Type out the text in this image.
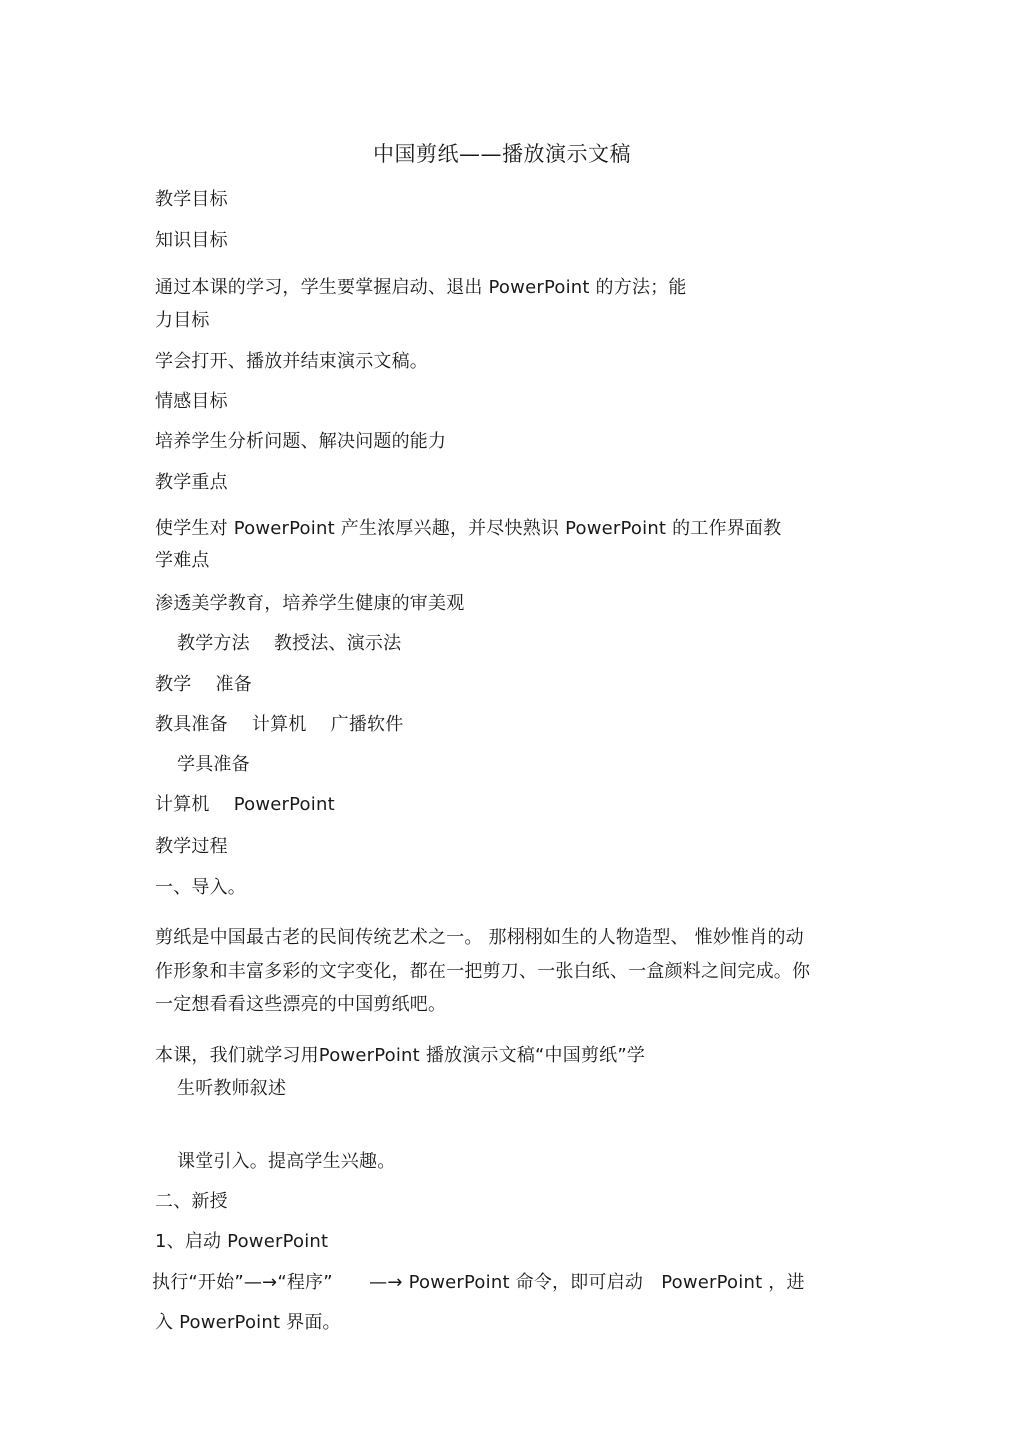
中国剪纸——播放演示文稿
教学目标
知识目标
通过本课的学习，学生要掌握启动、退出 PowerPoint 的方法；能
力目标
学会打开、播放并结束演示文稿。
情感目标
培养学生分析问题、解决问题的能力
教学重点
使学生对 PowerPoint 产生浓厚兴趣，并尽快熟识 PowerPoint 的工作界面教
学难点
渗透美学教育，培养学生健康的审美观
教学方法　 教授法、演示法
教学　 准备
教具准备　 计算机　 广播软件
学具准备
计算机　 PowerPoint
教学过程
一、导入。
剪纸是中国最古老的民间传统艺术之一。 那栩栩如生的人物造型、 惟妙惟肖的动
作形象和丰富多彩的文字变化，都在一把剪刀、一张白纸、一盒颜料之间完成。你
一定想看看这些漂亮的中国剪纸吧。
本课，我们就学习用PowerPoint 播放演示文稿“中国剪纸”学
生听教师叙述
课堂引入。提高学生兴趣。
二、新授
1、启动 PowerPoint
执行“开始”—→“程序”　　—→ PowerPoint 命令，即可启动　PowerPoint ，进
入 PowerPoint 界面。
